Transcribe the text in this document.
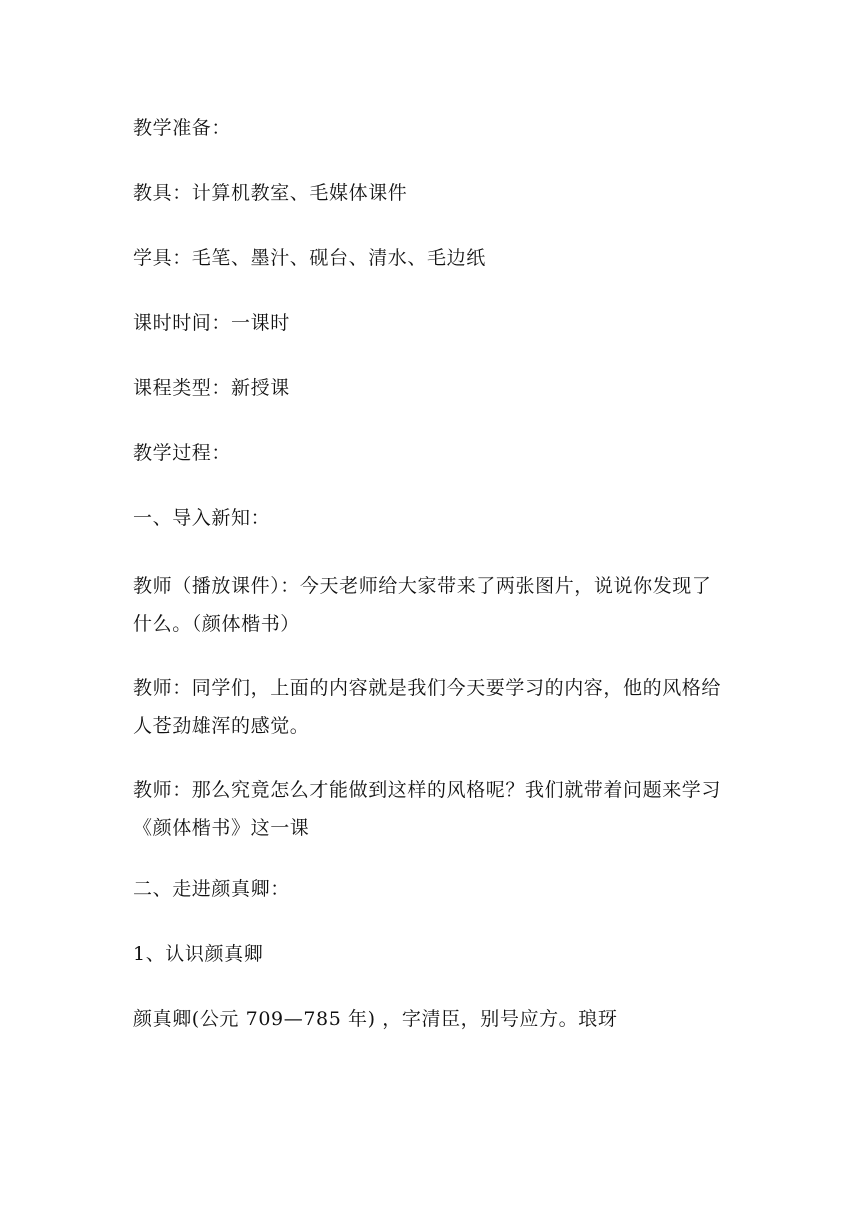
教学准备：

教具：计算机教室、毛媒体课件

学具：毛笔、墨汁、砚台、清水、毛边纸

课时时间：一课时

课程类型：新授课

教学过程：

一、导入新知：

教师（播放课件）：今天老师给大家带来了两张图片，说说你发现了什么。（颜体楷书）

教师：同学们，上面的内容就是我们今天要学习的内容，他的风格给人苍劲雄浑的感觉。

教师：那么究竟怎么才能做到这样的风格呢？我们就带着问题来学习《颜体楷书》这一课

二、走进颜真卿：

1、认识颜真卿

颜真卿(公元 709—785 年) ，字清臣，别号应方。琅玡
